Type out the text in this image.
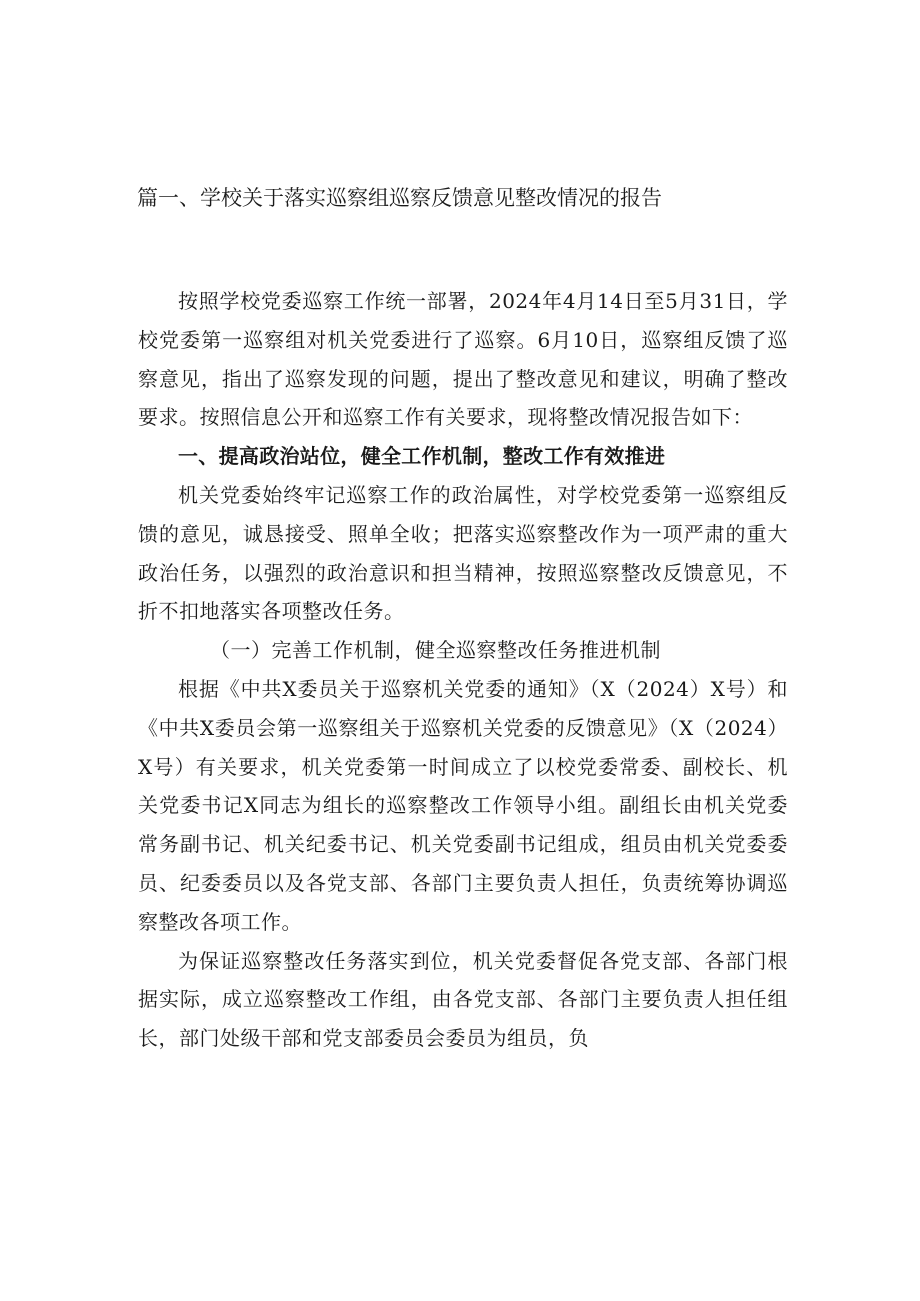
篇一、学校关于落实巡察组巡察反馈意见整改情况的报告

按照学校党委巡察工作统一部署，2024年4月14日至5月31日，学校党委第一巡察组对机关党委进行了巡察。6月10日，巡察组反馈了巡察意见，指出了巡察发现的问题，提出了整改意见和建议，明确了整改要求。按照信息公开和巡察工作有关要求，现将整改情况报告如下：

一、提高政治站位，健全工作机制，整改工作有效推进

机关党委始终牢记巡察工作的政治属性，对学校党委第一巡察组反馈的意见，诚恳接受、照单全收；把落实巡察整改作为一项严肃的重大政治任务，以强烈的政治意识和担当精神，按照巡察整改反馈意见，不折不扣地落实各项整改任务。

（一）完善工作机制，健全巡察整改任务推进机制

根据《中共X委员关于巡察机关党委的通知》（X（2024）X号）和《中共X委员会第一巡察组关于巡察机关党委的反馈意见》（X（2024）X号）有关要求，机关党委第一时间成立了以校党委常委、副校长、机关党委书记X同志为组长的巡察整改工作领导小组。副组长由机关党委常务副书记、机关纪委书记、机关党委副书记组成，组员由机关党委委员、纪委委员以及各党支部、各部门主要负责人担任，负责统筹协调巡察整改各项工作。

为保证巡察整改任务落实到位，机关党委督促各党支部、各部门根据实际，成立巡察整改工作组，由各党支部、各部门主要负责人担任组长，部门处级干部和党支部委员会委员为组员，负
